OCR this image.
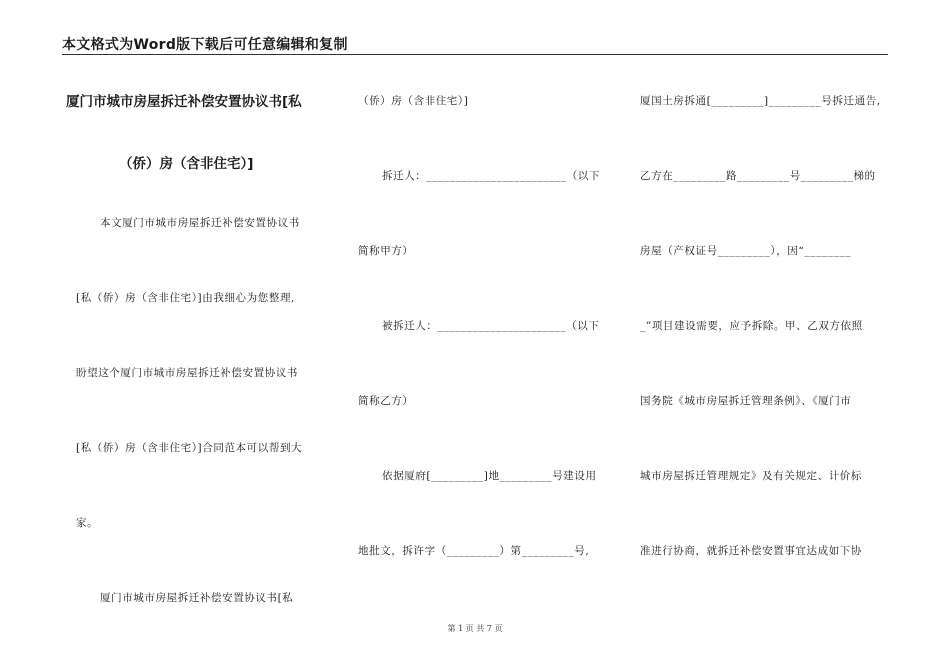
本文格式为Word版下载后可任意编辑和复制
厦门市城市房屋拆迁补偿安置协议书[私
（侨）房（含非住宅）]
本文厦门市城市房屋拆迁补偿安置协议书
[私（侨）房（含非住宅）]由我细心为您整理,
盼望这个厦门市城市房屋拆迁补偿安置协议书
[私（侨）房（含非住宅）]合同范本可以帮到大
家。
厦门市城市房屋拆迁补偿安置协议书[私
（侨）房（含非住宅）]
拆迁人：________________________（以下
简称甲方）
被拆迁人：______________________（以下
简称乙方）
依据厦府[_________]地_________号建设用
地批文，拆许字（_________）第_________号,
厦国土房拆通[_________]_________号拆迁通告,
乙方在_________路_________号_________梯的
房屋（产权证号_________），因“________
_”项目建设需要，应予拆除。甲、乙双方依照
国务院《城市房屋拆迁管理条例》、《厦门市
城市房屋拆迁管理规定》及有关规定、计价标
准进行协商，就拆迁补偿安置事宜达成如下协
第 1 页 共 7 页
